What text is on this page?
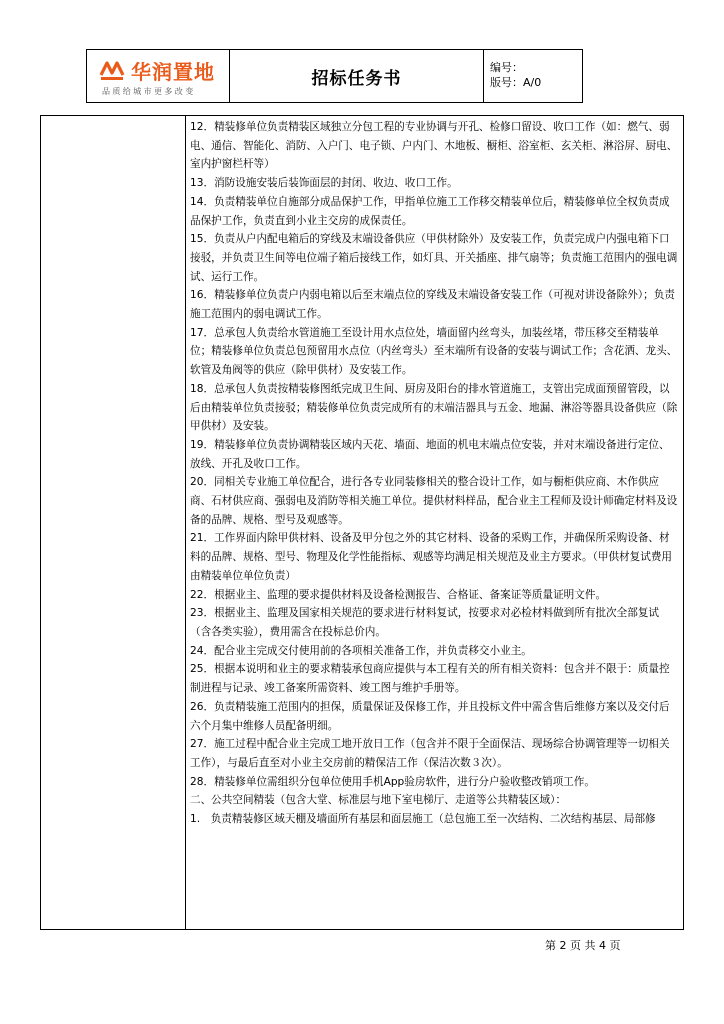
华润置地
品质给城市更多改变
招标任务书
编号：
版号：A/0

12．精装修单位负责精装区域独立分包工程的专业协调与开孔、检修口留设、收口工作（如：燃气、弱电、通信、智能化、消防、入户门、电子锁、户内门、木地板、橱柜、浴室柜、玄关柜、淋浴屏、厨电、室内护窗栏杆等）

13．消防设施安装后装饰面层的封闭、收边、收口工作。

14．负责精装单位自施部分成品保护工作，甲指单位施工工作移交精装单位后，精装修单位全权负责成品保护工作，负责直到小业主交房的成保责任。

15．负责从户内配电箱后的穿线及末端设备供应（甲供材除外）及安装工作，负责完成户内强电箱下口接驳，并负责卫生间等电位端子箱后接线工作，如灯具、开关插座、排气扇等；负责施工范围内的强电调试、运行工作。

16．精装修单位负责户内弱电箱以后至末端点位的穿线及末端设备安装工作（可视对讲设备除外）；负责施工范围内的弱电调试工作。

17．总承包人负责给水管道施工至设计用水点位处，墙面留内丝弯头，加装丝堵，带压移交至精装单位；精装修单位负责总包预留用水点位（内丝弯头）至末端所有设备的安装与调试工作；含花洒、龙头、软管及角阀等的供应（除甲供材）及安装工作。

18．总承包人负责按精装修图纸完成卫生间、厨房及阳台的排水管道施工，支管出完成面预留管段，以后由精装单位负责接驳；精装修单位负责完成所有的末端洁器具与五金、地漏、淋浴等器具设备供应（除甲供材）及安装。

19．精装修单位负责协调精装区域内天花、墙面、地面的机电末端点位安装，并对末端设备进行定位、放线、开孔及收口工作。

20．同相关专业施工单位配合，进行各专业同装修相关的整合设计工作，如与橱柜供应商、木作供应商、石材供应商、强弱电及消防等相关施工单位。提供材料样品，配合业主工程师及设计师确定材料及设备的品牌、规格、型号及观感等。

21．工作界面内除甲供材料、设备及甲分包之外的其它材料、设备的采购工作，并确保所采购设备、材料的品牌、规格、型号、物理及化学性能指标、观感等均满足相关规范及业主方要求。（甲供材复试费用由精装单位单位负责）

22．根据业主、监理的要求提供材料及设备检测报告、合格证、备案证等质量证明文件。

23．根据业主、监理及国家相关规范的要求进行材料复试，按要求对必检材料做到所有批次全部复试（含各类实验），费用需含在投标总价内。

24．配合业主完成交付使用前的各项相关准备工作，并负责移交小业主。

25．根据本说明和业主的要求精装承包商应提供与本工程有关的所有相关资料：包含并不限于：质量控制进程与记录、竣工备案所需资料、竣工图与维护手册等。

26．负责精装施工范围内的担保，质量保证及保修工作，并且投标文件中需含售后维修方案以及交付后六个月集中维修人员配备明细。

27．施工过程中配合业主完成工地开放日工作（包含并不限于全面保洁、现场综合协调管理等一切相关工作），与最后直至对小业主交房前的精保洁工作（保洁次数３次）。

28．精装修单位需组织分包单位使用手机App验房软件，进行分户验收整改销项工作。

二、公共空间精装（包含大堂、标准层与地下室电梯厅、走道等公共精装区域）：

1.　负责精装修区域天棚及墙面所有基层和面层施工（总包施工至一次结构、二次结构基层、局部修

第 2 页 共 4 页
